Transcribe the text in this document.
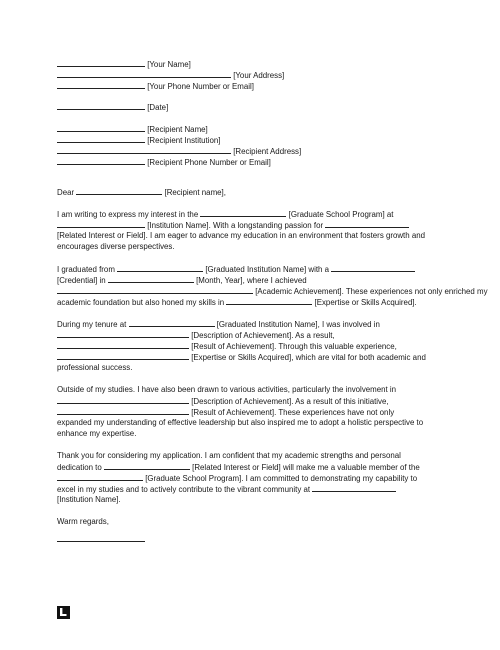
[Your Name]
[Your Address]
[Your Phone Number or Email]
[Date]
[Recipient Name]
[Recipient Institution]
[Recipient Address]
[Recipient Phone Number or Email]
Dear	[Recipient name],
I am writing to express my interest in the	[Graduate School Program] at
[Institution Name]. With a longstanding passion for
[Related Interest or Field]. I am eager to advance my education in an environment that fosters growth and
encourages diverse perspectives.
I graduated from	[Graduated Institution Name] with a
[Credential] in	[Month, Year], where I achieved
[Academic Achievement]. These experiences not only enriched my
academic foundation but also honed my skills in	[Expertise or Skills Acquired].
During my tenure at	[Graduated Institution Name], I was involved in
[Description of Achievement]. As a result,
[Result of Achievement]. Through this valuable experience,
[Expertise or Skills Acquired], which are vital for both academic and
professional success.
Outside of my studies. I have also been drawn to various activities, particularly the involvement in
[Description of Achievement]. As a result of this initiative,
[Result of Achievement]. These experiences have not only
expanded my understanding of effective leadership but also inspired me to adopt a holistic perspective to
enhance my expertise.
Thank you for considering my application. I am confident that my academic strengths and personal
dedication to	[Related Interest or Field] will make me a valuable member of the
[Graduate School Program]. I am committed to demonstrating my capability to
excel in my studies and to actively contribute to the vibrant community at
[Institution Name].
Warm regards,
